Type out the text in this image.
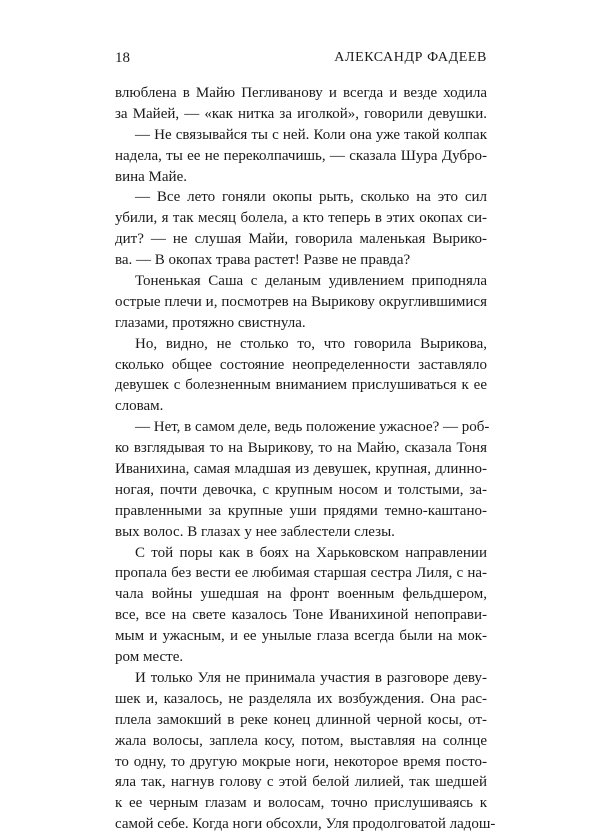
18	АЛЕКСАНДР ФАДЕЕВ
влюблена в Майю Пегливанову и всегда и везде ходила
за Майей, — «как нитка за иголкой», говорили девушки.
— Не связывайся ты с ней. Коли она уже такой колпак
надела, ты ее не переколпачишь, — сказала Шура Дубро-
вина Майе.
— Все лето гоняли окопы рыть, сколько на это сил
убили, я так месяц болела, а кто теперь в этих окопах си-
дит? — не слушая Майи, говорила маленькая Вырико-
ва. — В окопах трава растет! Разве не правда?
Тоненькая Саша с деланым удивлением приподняла
острые плечи и, посмотрев на Вырикову округлившимися
глазами, протяжно свистнула.
Но, видно, не столько то, что говорила Вырикова,
сколько общее состояние неопределенности заставляло
девушек с болезненным вниманием прислушиваться к ее
словам.
— Нет, в самом деле, ведь положение ужасное? — роб-
ко взглядывая то на Вырикову, то на Майю, сказала Тоня
Иванихина, самая младшая из девушек, крупная, длинно-
ногая, почти девочка, с крупным носом и толстыми, за-
правленными за крупные уши прядями темно-каштано-
вых волос. В глазах у нее заблестели слезы.
С той поры как в боях на Харьковском направлении
пропала без вести ее любимая старшая сестра Лиля, с на-
чала войны ушедшая на фронт военным фельдшером,
все, все на свете казалось Тоне Иванихиной непоправи-
мым и ужасным, и ее унылые глаза всегда были на мок-
ром месте.
И только Уля не принимала участия в разговоре деву-
шек и, казалось, не разделяла их возбуждения. Она рас-
плела замокший в реке конец длинной черной косы, от-
жала волосы, заплела косу, потом, выставляя на солнце
то одну, то другую мокрые ноги, некоторое время посто-
яла так, нагнув голову с этой белой лилией, так шедшей
к ее черным глазам и волосам, точно прислушиваясь к
самой себе. Когда ноги обсохли, Уля продолговатой ладош-
